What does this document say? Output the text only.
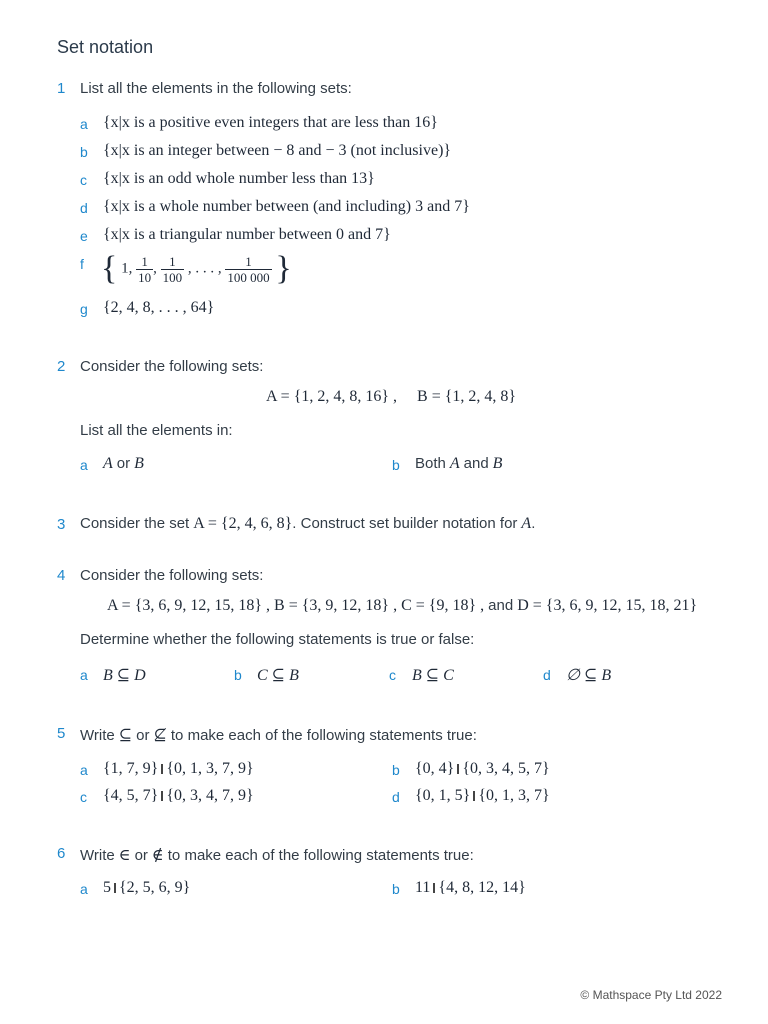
Set notation
1 List all the elements in the following sets:
a {x|x is a positive even integers that are less than 16}
b {x|x is an integer between − 8 and − 3 (not inclusive)}
c {x|x is an odd whole number less than 13}
d {x|x is a whole number between (and including) 3 and 7}
e {x|x is a triangular number between 0 and 7}
f { 1, $\frac{1}{10}$ , $\frac{1}{100}$ , . . . , $\frac{1}{100 000}$ }
g {2, 4, 8, . . . , 64}
2 Consider the following sets:
A = {1, 2, 4, 8, 16} ,     B = {1, 2, 4, 8}
List all the elements in:
a A or B	b Both A and B
3 Consider the set A = {2, 4, 6, 8}. Construct set builder notation for A.
4 Consider the following sets:
A = {3, 6, 9, 12, 15, 18} , B = {3, 9, 12, 18} , C = {9, 18} , and D = {3, 6, 9, 12, 15, 18, 21}
Determine whether the following statements is true or false:
a B ⊆ D	b C ⊆ B	c B ⊆ C	d ∅ ⊆ B
5 Write ⊆ or ⊈ to make each of the following statements true:
a {1, 7, 9} {0, 1, 3, 7, 9}	b {0, 4} {0, 3, 4, 5, 7}
c {4, 5, 7} {0, 3, 4, 7, 9}	d {0, 1, 5} {0, 1, 3, 7}
6 Write ∈ or ∉ to make each of the following statements true:
a 5 {2, 5, 6, 9}	b 11 {4, 8, 12, 14}
© Mathspace Pty Ltd 2022
